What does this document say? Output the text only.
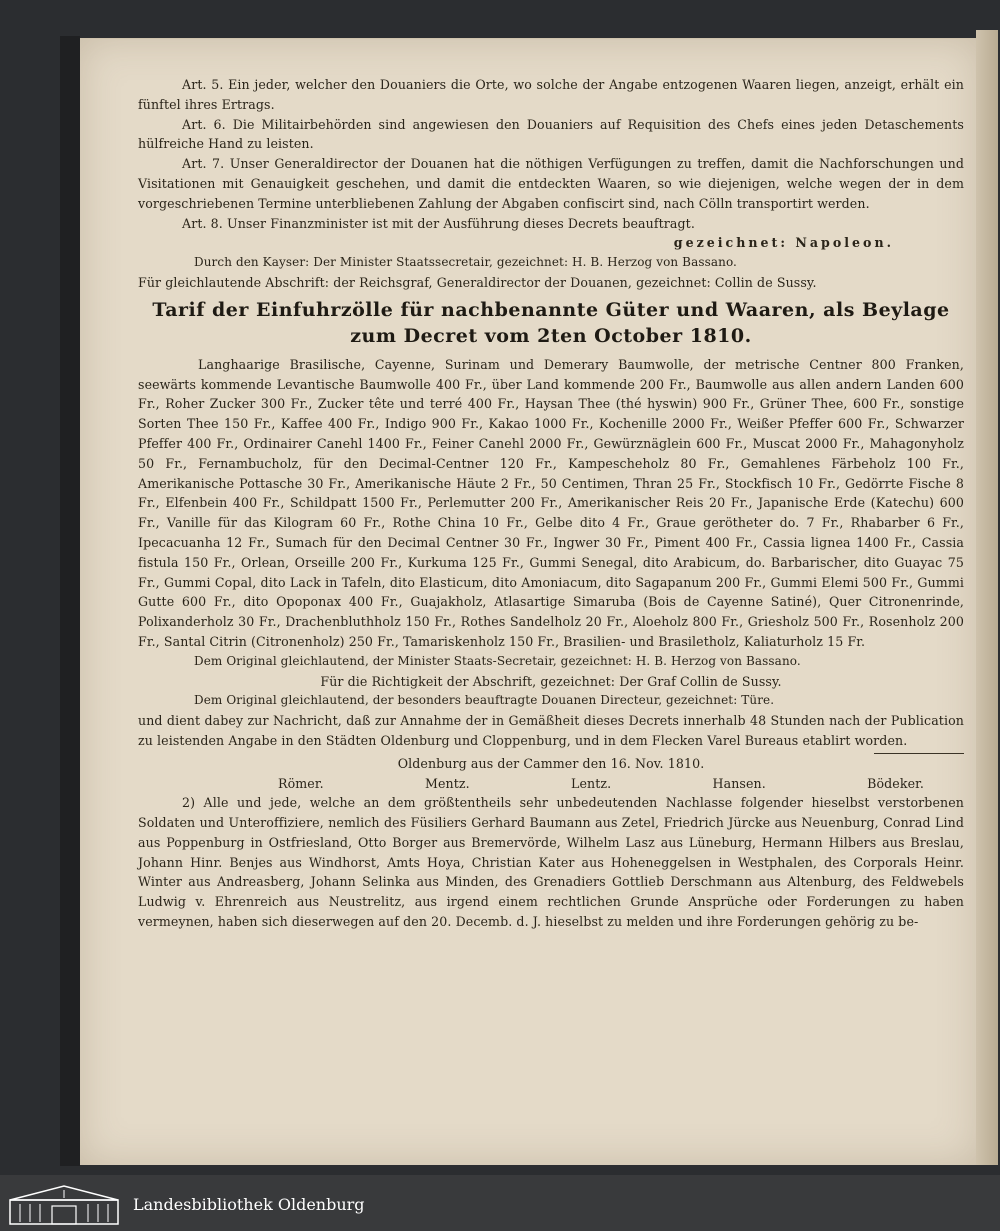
Art. 5. Ein jeder, welcher den Douaniers die Orte, wo solche der Angabe entzogenen Waaren liegen, anzeigt, erhält ein fünftel ihres Ertrags.

Art. 6. Die Militairbehörden sind angewiesen den Douaniers auf Requisition des Chefs eines jeden Detaschements hülfreiche Hand zu leisten.

Art. 7. Unser Generaldirector der Douanen hat die nöthigen Verfügungen zu treffen, damit die Nachforschungen und Visitationen mit Genauigkeit geschehen, und damit die entdeckten Waaren, so wie diejenigen, welche wegen der in dem vorgeschriebenen Termine unterbliebenen Zahlung der Abgaben confiscirt sind, nach Cölln transportirt werden.

Art. 8. Unser Finanzminister ist mit der Ausführung dieses Decrets beauftragt.

gezeichnet: Napoleon.

Durch den Kayser: Der Minister Staatssecretair, gezeichnet: H. B. Herzog von Bassano.

Für gleichlautende Abschrift: der Reichsgraf, Generaldirector der Douanen, gezeichnet: Collin de Sussy.

Tarif der Einfuhrzölle für nachbenannte Güter und Waaren, als Beylage
zum Decret vom 2ten October 1810.

Langhaarige Brasilische, Cayenne, Surinam und Demerary Baumwolle, der metrische Centner 800 Franken, seewärts kommende Levantische Baumwolle 400 Fr., über Land kommende 200 Fr., Baumwolle aus allen andern Landen 600 Fr., Roher Zucker 300 Fr., Zucker tête und terré 400 Fr., Haysan Thee (thé hyswin) 900 Fr., Grüner Thee, 600 Fr., sonstige Sorten Thee 150 Fr., Kaffee 400 Fr., Indigo 900 Fr., Kakao 1000 Fr., Kochenille 2000 Fr., Weißer Pfeffer 600 Fr., Schwarzer Pfeffer 400 Fr., Ordinairer Canehl 1400 Fr., Feiner Canehl 2000 Fr., Gewürznäglein 600 Fr., Muscat 2000 Fr., Mahagonyholz 50 Fr., Fernambucholz, für den Decimal-Centner 120 Fr., Kampescheholz 80 Fr., Gemahlenes Färbeholz 100 Fr., Amerikanische Pottasche 30 Fr., Amerikanische Häute 2 Fr., 50 Centimen, Thran 25 Fr., Stockfisch 10 Fr., Gedörrte Fische 8 Fr., Elfenbein 400 Fr., Schildpatt 1500 Fr., Perlemutter 200 Fr., Amerikanischer Reis 20 Fr., Japanische Erde (Katechu) 600 Fr., Vanille für das Kilogram 60 Fr., Rothe China 10 Fr., Gelbe dito 4 Fr., Graue gerötheter do. 7 Fr., Rhabarber 6 Fr., Ipecacuanha 12 Fr., Sumach für den Decimal Centner 30 Fr., Ingwer 30 Fr., Piment 400 Fr., Cassia lignea 1400 Fr., Cassia fistula 150 Fr., Orlean, Orseille 200 Fr., Kurkuma 125 Fr., Gummi Senegal, dito Arabicum, do. Barbarischer, dito Guayac 75 Fr., Gummi Copal, dito Lack in Tafeln, dito Elasticum, dito Amoniacum, dito Sagapanum 200 Fr., Gummi Elemi 500 Fr., Gummi Gutte 600 Fr., dito Opoponax 400 Fr., Guajakholz, Atlasartige Simaruba (Bois de Cayenne Satiné), Quer Citronenrinde, Polixanderholz 30 Fr., Drachenbluthholz 150 Fr., Rothes Sandelholz 20 Fr., Aloeholz 800 Fr., Griesholz 500 Fr., Rosenholz 200 Fr., Santal Citrin (Citronenholz) 250 Fr., Tamariskenholz 150 Fr., Brasilien- und Brasiletholz, Kaliaturholz 15 Fr.

Dem Original gleichlautend, der Minister Staats-Secretair, gezeichnet: H. B. Herzog von Bassano.

Für die Richtigkeit der Abschrift, gezeichnet: Der Graf Collin de Sussy.

Dem Original gleichlautend, der besonders beauftragte Douanen Directeur, gezeichnet: Türe.

und dient dabey zur Nachricht, daß zur Annahme der in Gemäßheit dieses Decrets innerhalb 48 Stunden nach der Publication zu leistenden Angabe in den Städten Oldenburg und Cloppenburg, und in dem Flecken Varel Bureaus etablirt worden.

Oldenburg aus der Cammer den 16. Nov. 1810.

Römer.	Mentz.	Lentz.	Hansen.	Bödeker.

2) Alle und jede, welche an dem größtentheils sehr unbedeutenden Nachlasse folgender hieselbst verstorbenen Soldaten und Unteroffiziere, nemlich des Füsiliers Gerhard Baumann aus Zetel, Friedrich Jürcke aus Neuenburg, Conrad Lind aus Poppenburg in Ostfriesland, Otto Borger aus Bremervörde, Wilhelm Lasz aus Lüneburg, Hermann Hilbers aus Breslau, Johann Hinr. Benjes aus Windhorst, Amts Hoya, Christian Kater aus Hoheneggelsen in Westphalen, des Corporals Heinr. Winter aus Andreasberg, Johann Selinka aus Minden, des Grenadiers Gottlieb Derschmann aus Altenburg, des Feldwebels Ludwig v. Ehrenreich aus Neustrelitz, aus irgend einem rechtlichen Grunde Ansprüche oder Forderungen zu haben vermeynen, haben sich dieserwegen auf den 20. Decemb. d. J. hieselbst zu melden und ihre Forderungen gehörig zu be-

Landesbibliothek Oldenburg
